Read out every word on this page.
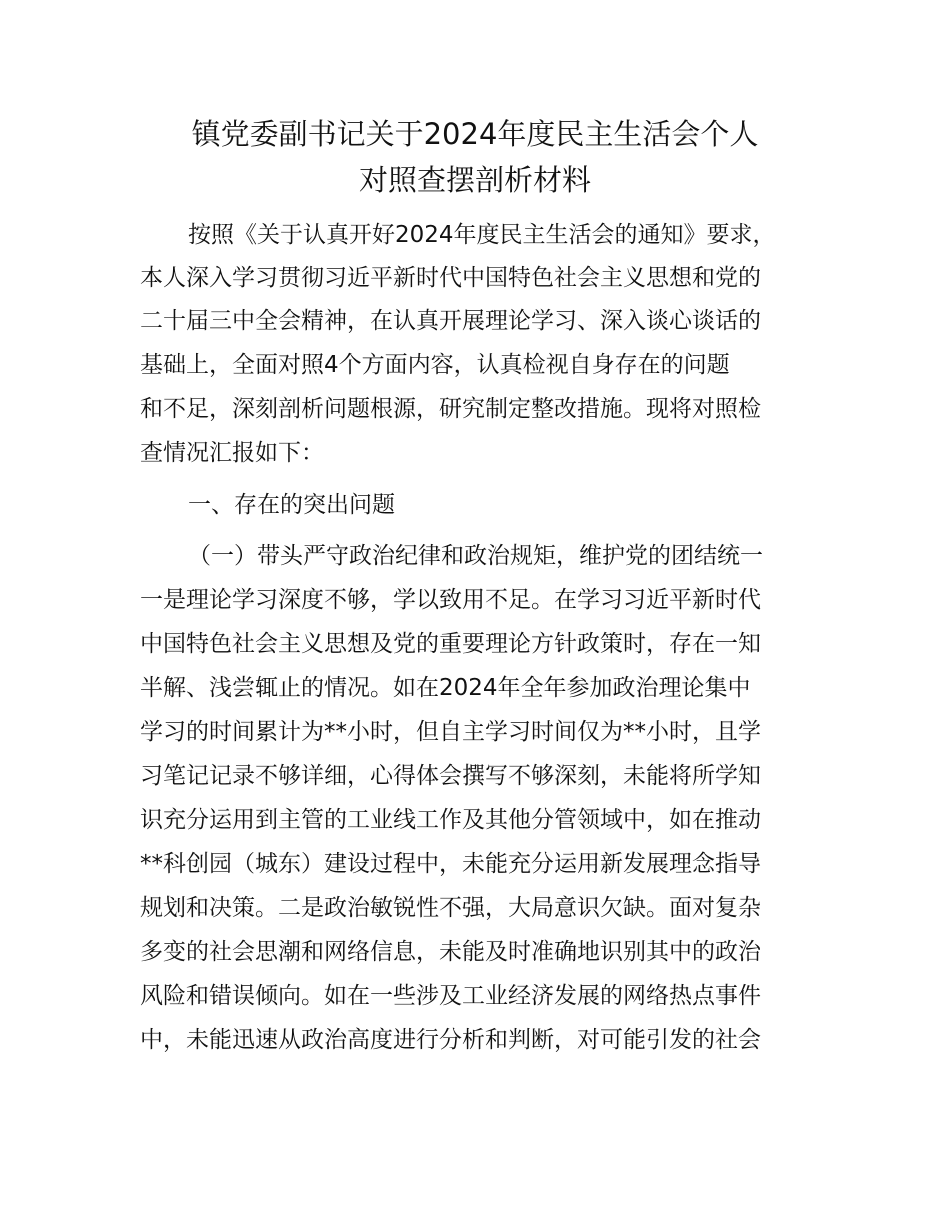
镇党委副书记关于2024年度民主生活会个人
对照查摆剖析材料
按照《关于认真开好2024年度民主生活会的通知》要求，
本人深入学习贯彻习近平新时代中国特色社会主义思想和党的
二十届三中全会精神，在认真开展理论学习、深入谈心谈话的
基础上，全面对照4个方面内容，认真检视自身存在的问题
和不足，深刻剖析问题根源，研究制定整改措施。现将对照检
查情况汇报如下：
一、存在的突出问题
（一）带头严守政治纪律和政治规矩，维护党的团结统一
一是理论学习深度不够，学以致用不足。在学习习近平新时代
中国特色社会主义思想及党的重要理论方针政策时，存在一知
半解、浅尝辄止的情况。如在2024年全年参加政治理论集中
学习的时间累计为**小时，但自主学习时间仅为**小时，且学
习笔记记录不够详细，心得体会撰写不够深刻，未能将所学知
识充分运用到主管的工业线工作及其他分管领域中，如在推动
**科创园（城东）建设过程中，未能充分运用新发展理念指导
规划和决策。二是政治敏锐性不强，大局意识欠缺。面对复杂
多变的社会思潮和网络信息，未能及时准确地识别其中的政治
风险和错误倾向。如在一些涉及工业经济发展的网络热点事件
中，未能迅速从政治高度进行分析和判断，对可能引发的社会
